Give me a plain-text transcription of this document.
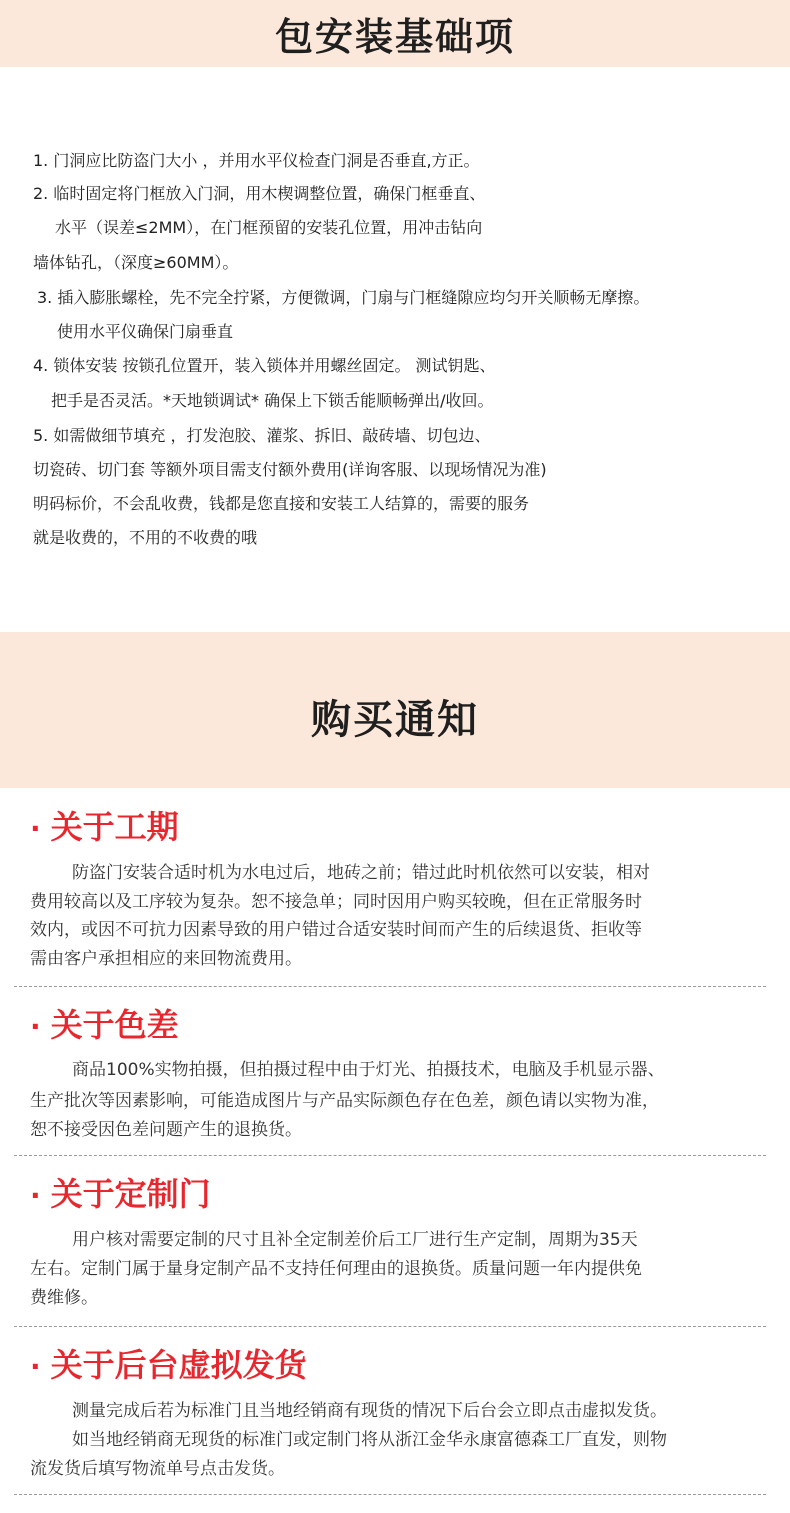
包安装基础项
1. 门洞应比防盗门大小 ，并用水平仪检查门洞是否垂直,方正。
2. 临时固定将门框放入门洞，用木楔调整位置，确保门框垂直、
水平（误差≤2MM），在门框预留的安装孔位置，用冲击钻向
墙体钻孔，（深度≥60MM）。
3. 插入膨胀螺栓，先不完全拧紧，方便微调，门扇与门框缝隙应均匀开关顺畅无摩擦。
使用水平仪确保门扇垂直
4. 锁体安装 按锁孔位置开，装入锁体并用螺丝固定。 测试钥匙、
把手是否灵活。*天地锁调试* 确保上下锁舌能顺畅弹出/收回。
5. 如需做细节填充 ，打发泡胶、灌浆、拆旧、敲砖墙、切包边、
切瓷砖、切门套 等额外项目需支付额外费用(详询客服、以现场情况为准)
明码标价，不会乱收费，钱都是您直接和安装工人结算的，需要的服务
就是收费的，不用的不收费的哦
购买通知
· 关于工期
防盗门安装合适时机为水电过后，地砖之前；错过此时机依然可以安装，相对
费用较高以及工序较为复杂。恕不接急单；同时因用户购买较晚，但在正常服务时
效内，或因不可抗力因素导致的用户错过合适安装时间而产生的后续退货、拒收等
需由客户承担相应的来回物流费用。
· 关于色差
商品100%实物拍摄，但拍摄过程中由于灯光、拍摄技术，电脑及手机显示器、
生产批次等因素影响，可能造成图片与产品实际颜色存在色差，颜色请以实物为准，
恕不接受因色差问题产生的退换货。
· 关于定制门
用户核对需要定制的尺寸且补全定制差价后工厂进行生产定制，周期为35天
左右。定制门属于量身定制产品不支持任何理由的退换货。质量问题一年内提供免
费维修。
· 关于后台虚拟发货
测量完成后若为标准门且当地经销商有现货的情况下后台会立即点击虚拟发货。
如当地经销商无现货的标准门或定制门将从浙江金华永康富德森工厂直发，则物
流发货后填写物流单号点击发货。
